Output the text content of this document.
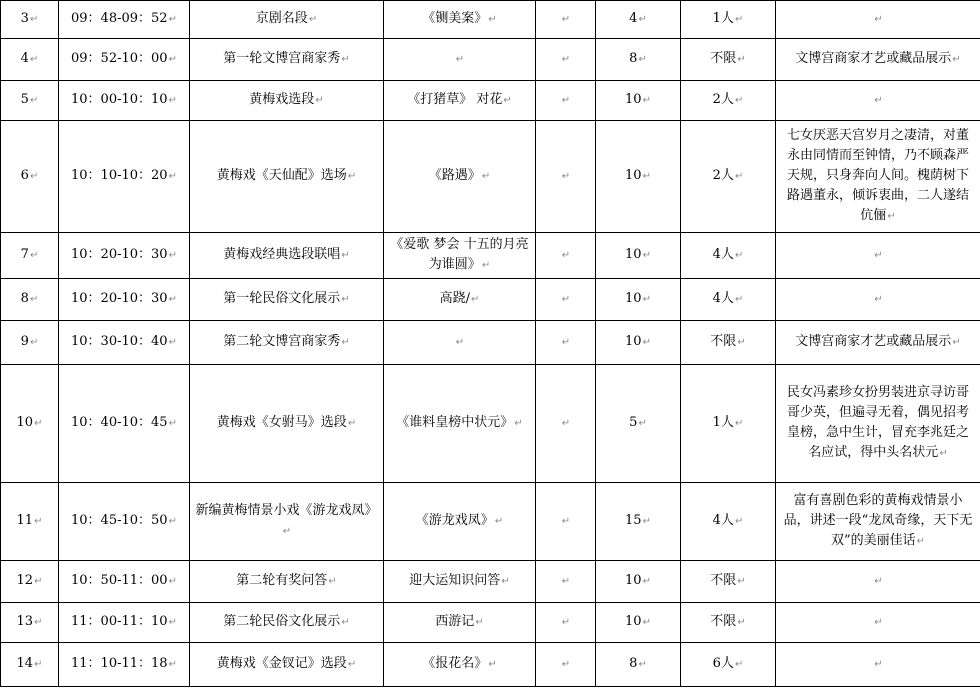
3↵	09：48-09：52↵	京剧名段↵	《铡美案》↵	↵	4↵	1人↵	↵
4↵	09：52-10：00↵	第一轮文博宫商家秀↵	↵	↵	8↵	不限↵	文博宫商家才艺或藏品展示↵
5↵	10：00-10：10↵	黄梅戏选段↵	《打猪草》 对花↵	↵	10↵	2人↵	↵
6↵	10：10-10：20↵	黄梅戏《天仙配》选场↵	《路遇》↵	↵	10↵	2人↵	七女厌恶天宫岁月之凄清，对董永由同情而至钟情，乃不顾森严天规，只身奔向人间。槐荫树下路遇董永，倾诉衷曲，二人遂结伉俪↵
7↵	10：20-10：30↵	黄梅戏经典选段联唱↵	《爱歌 梦会 十五的月亮为谁圆》↵	↵	10↵	4人↵	↵
8↵	10：20-10：30↵	第一轮民俗文化展示↵	高跷/↵	↵	10↵	4人↵	↵
9↵	10：30-10：40↵	第二轮文博宫商家秀↵	↵	↵	10↵	不限↵	文博宫商家才艺或藏品展示↵
10↵	10：40-10：45↵	黄梅戏《女驸马》选段↵	《谁料皇榜中状元》↵	↵	5↵	1人↵	民女冯素珍女扮男装进京寻访哥哥少英，但遍寻无着，偶见招考皇榜，急中生计，冒充李兆廷之名应试，得中头名状元↵
11↵	10：45-10：50↵	新编黄梅情景小戏《游龙戏凤》↵	《游龙戏凤》↵	↵	15↵	4人↵	富有喜剧色彩的黄梅戏情景小品，讲述一段“龙凤奇缘，天下无双”的美丽佳话↵
12↵	10：50-11：00↵	第二轮有奖问答↵	迎大运知识问答↵	↵	10↵	不限↵	↵
13↵	11：00-11：10↵	第二轮民俗文化展示↵	西游记↵	↵	10↵	不限↵	↵
14↵	11：10-11：18↵	黄梅戏《金钗记》选段↵	《报花名》↵	↵	8↵	6人↵	↵
